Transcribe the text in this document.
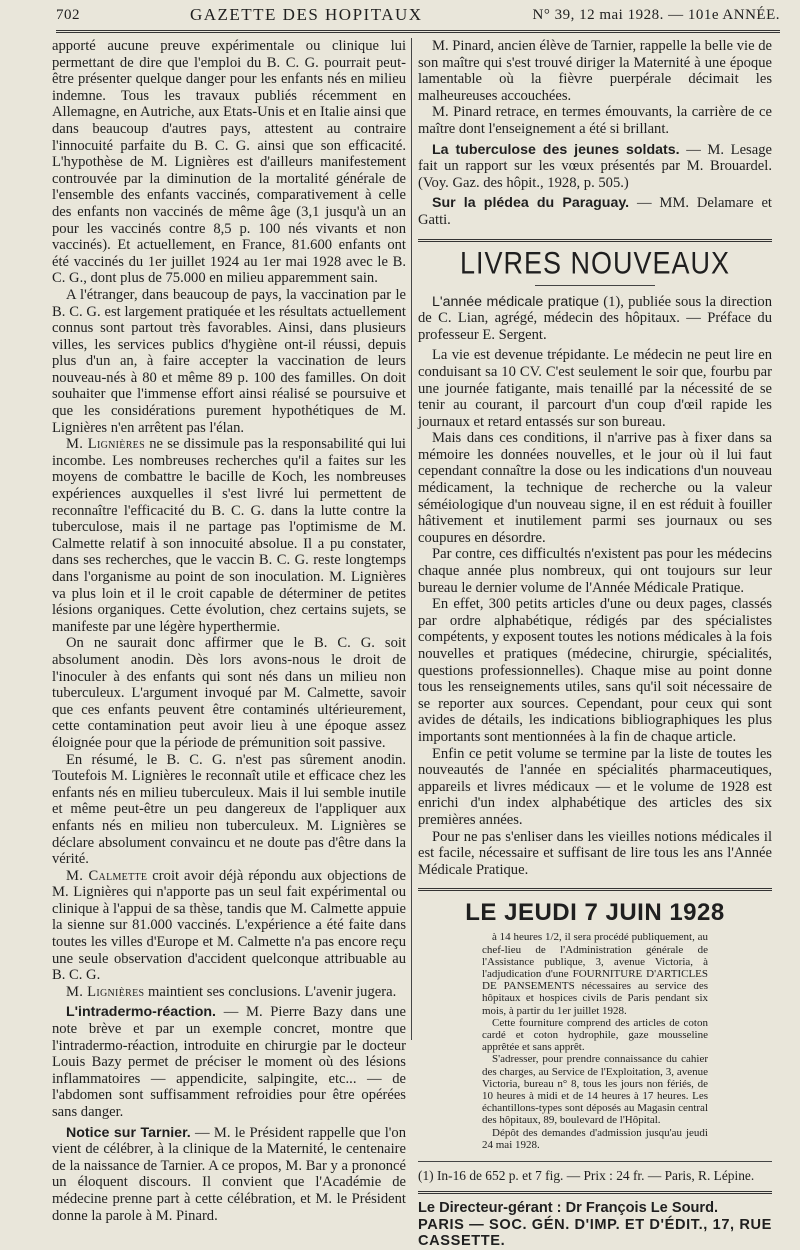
702	GAZETTE DES HOPITAUX	N° 39, 12 mai 1928. — 101e ANNÉE.

apporté aucune preuve expérimentale ou clinique lui permettant de dire que l'emploi du B. C. G. pourrait peut-être présenter quelque danger pour les enfants nés en milieu indemne. Tous les travaux publiés récemment en Allemagne, en Autriche, aux Etats-Unis et en Italie ainsi que dans beaucoup d'autres pays, attestent au contraire l'innocuité parfaite du B. C. G. ainsi que son efficacité. L'hypothèse de M. Lignières est d'ailleurs manifestement controuvée par la diminution de la mortalité générale de l'ensemble des enfants vaccinés, comparativement à celle des enfants non vaccinés de même âge (3,1 jusqu'à un an pour les vaccinés contre 8,5 p. 100 nés vivants et non vaccinés). Et actuellement, en France, 81.600 enfants ont été vaccinés du 1er juillet 1924 au 1er mai 1928 avec le B. C. G., dont plus de 75.000 en milieu apparemment sain.

A l'étranger, dans beaucoup de pays, la vaccination par le B. C. G. est largement pratiquée et les résultats actuellement connus sont partout très favorables. Ainsi, dans plusieurs villes, les services publics d'hygiène ont-il réussi, depuis plus d'un an, à faire accepter la vaccination de leurs nouveau-nés à 80 et même 89 p. 100 des familles. On doit souhaiter que l'immense effort ainsi réalisé se poursuive et que les considérations purement hypothétiques de M. Lignières n'en arrêtent pas l'élan.

M. Lignières ne se dissimule pas la responsabilité qui lui incombe. Les nombreuses recherches qu'il a faites sur les moyens de combattre le bacille de Koch, les nombreuses expériences auxquelles il s'est livré lui permettent de reconnaître l'efficacité du B. C. G. dans la lutte contre la tuberculose, mais il ne partage pas l'optimisme de M. Calmette relatif à son innocuité absolue. Il a pu constater, dans ses recherches, que le vaccin B. C. G. reste longtemps dans l'organisme au point de son inoculation. M. Lignières va plus loin et il le croit capable de déterminer de petites lésions organiques. Cette évolution, chez certains sujets, se manifeste par une légère hyperthermie.

On ne saurait donc affirmer que le B. C. G. soit absolument anodin. Dès lors avons-nous le droit de l'inoculer à des enfants qui sont nés dans un milieu non tuberculeux. L'argument invoqué par M. Calmette, savoir que ces enfants peuvent être contaminés ultérieurement, cette contamination peut avoir lieu à une époque assez éloignée pour que la période de prémunition soit passive.

En résumé, le B. C. G. n'est pas sûrement anodin. Toutefois M. Lignières le reconnaît utile et efficace chez les enfants nés en milieu tuberculeux. Mais il lui semble inutile et même peut-être un peu dangereux de l'appliquer aux enfants nés en milieu non tuberculeux. M. Lignières se déclare absolument convaincu et ne doute pas d'être dans la vérité.

M. Calmette croit avoir déjà répondu aux objections de M. Lignières qui n'apporte pas un seul fait expérimental ou clinique à l'appui de sa thèse, tandis que M. Calmette appuie la sienne sur 81.000 vaccinés. L'expérience a été faite dans toutes les villes d'Europe et M. Calmette n'a pas encore reçu une seule observation d'accident quelconque attribuable au B. C. G.

M. Lignières maintient ses conclusions. L'avenir jugera.

L'intradermo-réaction. — M. Pierre Bazy dans une note brève et par un exemple concret, montre que l'intradermo-réaction, introduite en chirurgie par le docteur Louis Bazy permet de préciser le moment où des lésions inflammatoires — appendicite, salpingite, etc... — de l'abdomen sont suffisamment refroidies pour être opérées sans danger.

Notice sur Tarnier. — M. le Président rappelle que l'on vient de célébrer, à la clinique de la Maternité, le centenaire de la naissance de Tarnier. A ce propos, M. Bar y a prononcé un éloquent discours. Il convient que l'Académie de médecine prenne part à cette célébration, et M. le Président donne la parole à M. Pinard.

M. Pinard, ancien élève de Tarnier, rappelle la belle vie de son maître qui s'est trouvé diriger la Maternité à une époque lamentable où la fièvre puerpérale décimait les malheureuses accouchées.

M. Pinard retrace, en termes émouvants, la carrière de ce maître dont l'enseignement a été si brillant.

La tuberculose des jeunes soldats. — M. Lesage fait un rapport sur les vœux présentés par M. Brouardel. (Voy. Gaz. des hôpit., 1928, p. 505.)

Sur la plédea du Paraguay. — MM. Delamare et Gatti.

LIVRES NOUVEAUX

L'année médicale pratique (1), publiée sous la direction de C. Lian, agrégé, médecin des hôpitaux. — Préface du professeur E. Sergent.

La vie est devenue trépidante. Le médecin ne peut lire en conduisant sa 10 CV. C'est seulement le soir que, fourbu par une journée fatigante, mais tenaillé par la nécessité de se tenir au courant, il parcourt d'un coup d'œil rapide les journaux et retard entassés sur son bureau.

Mais dans ces conditions, il n'arrive pas à fixer dans sa mémoire les données nouvelles, et le jour où il lui faut cependant connaître la dose ou les indications d'un nouveau médicament, la technique de recherche ou la valeur séméiologique d'un nouveau signe, il en est réduit à fouiller hâtivement et inutilement parmi ses journaux ou ses coupures en désordre.

Par contre, ces difficultés n'existent pas pour les médecins chaque année plus nombreux, qui ont toujours sur leur bureau le dernier volume de l'Année Médicale Pratique.

En effet, 300 petits articles d'une ou deux pages, classés par ordre alphabétique, rédigés par des spécialistes compétents, y exposent toutes les notions médicales à la fois nouvelles et pratiques (médecine, chirurgie, spécialités, questions professionnelles). Chaque mise au point donne tous les renseignements utiles, sans qu'il soit nécessaire de se reporter aux sources. Cependant, pour ceux qui sont avides de détails, les indications bibliographiques les plus importants sont mentionnées à la fin de chaque article.

Enfin ce petit volume se termine par la liste de toutes les nouveautés de l'année en spécialités pharmaceutiques, appareils et livres médicaux — et le volume de 1928 est enrichi d'un index alphabétique des articles des six premières années.

Pour ne pas s'enliser dans les vieilles notions médicales il est facile, nécessaire et suffisant de lire tous les ans l'Année Médicale Pratique.

LE JEUDI 7 JUIN 1928

à 14 heures 1/2, il sera procédé publiquement, au chef-lieu de l'Administration générale de l'Assistance publique, 3, avenue Victoria, à l'adjudication d'une FOURNITURE D'ARTICLES DE PANSEMENTS nécessaires au service des hôpitaux et hospices civils de Paris pendant six mois, à partir du 1er juillet 1928.

Cette fourniture comprend des articles de coton cardé et coton hydrophile, gaze mousseline apprêtée et sans apprêt.

S'adresser, pour prendre connaissance du cahier des charges, au Service de l'Exploitation, 3, avenue Victoria, bureau n° 8, tous les jours non fériés, de 10 heures à midi et de 14 heures à 17 heures. Les échantillons-types sont déposés au Magasin central des hôpitaux, 89, boulevard de l'Hôpital.

Dépôt des demandes d'admission jusqu'au jeudi 24 mai 1928.

(1) In-16 de 652 p. et 7 fig. — Prix : 24 fr. — Paris, R. Lépine.

Le Directeur-gérant : Dr François Le Sourd.

PARIS — SOC. GÉN. D'IMP. ET D'ÉDIT., 17, RUE CASSETTE.
